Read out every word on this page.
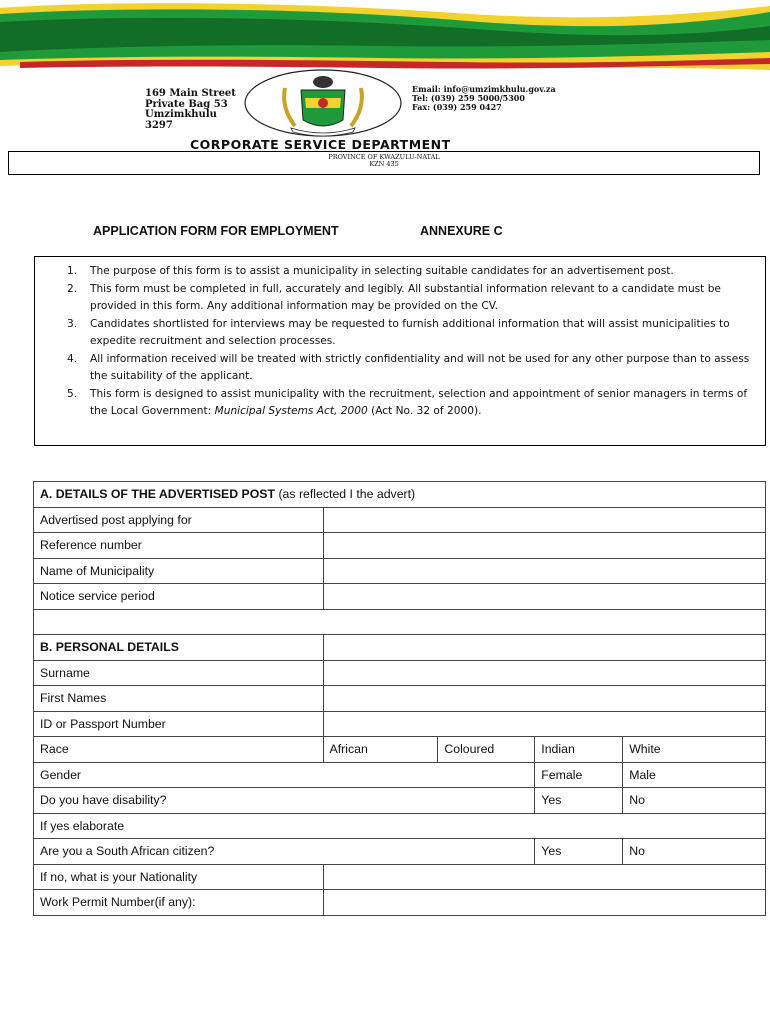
169 Main Street
Private Bag 53
Umzimkhulu
3297
Email: info@umzimkhulu.gov.za
Tel: (039) 259 5000/5300
Fax: (039) 259 0427
CORPORATE SERVICE DEPARTMENT
PROVINCE OF KWAZULU-NATAL
KZN 435
APPLICATION FORM FOR EMPLOYMENT	ANNEXURE C
1. The purpose of this form is to assist a municipality in selecting suitable candidates for an advertisement post.
2. This form must be completed in full, accurately and legibly. All substantial information relevant to a candidate must be provided in this form. Any additional information may be provided on the CV.
3. Candidates shortlisted for interviews may be requested to furnish additional information that will assist municipalities to expedite recruitment and selection processes.
4. All information received will be treated with strictly confidentiality and will not be used for any other purpose than to assess the suitability of the applicant.
5. This form is designed to assist municipality with the recruitment, selection and appointment of senior managers in terms of the Local Government: Municipal Systems Act, 2000 (Act No. 32 of 2000).
A. DETAILS OF THE ADVERTISED POST (as reflected I the advert)				
Advertised post applying for				
Reference number				
Name of Municipality				
Notice service period				

B. PERSONAL DETAILS				
Surname				
First Names				
ID or Passport Number				
Race	African	Coloured	Indian	White
Gender			Female	Male
Do you have disability?			Yes	No
If yes elaborate				
Are you a South African citizen?			Yes	No
If no, what is your Nationality				
Work Permit Number(if any):				
